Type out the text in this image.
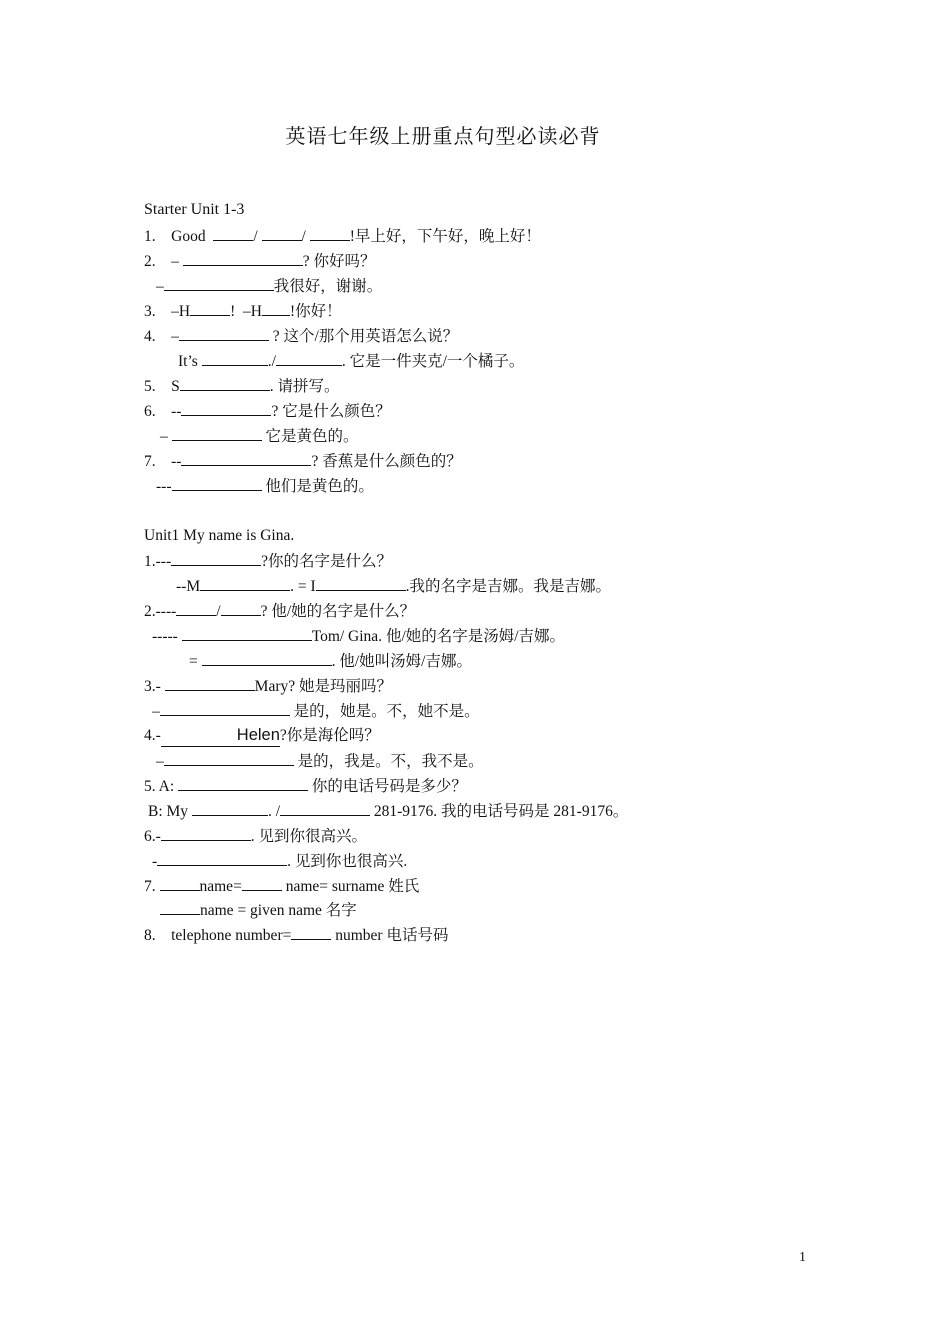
英语七年级上册重点句型必读必背
Starter Unit 1-3
1.    Good	/	/	!早上好，下午好，晚上好！
2.    –	? 你好吗？
–	我很好，谢谢。
3.    –H	!  –H !你好！
4.    –	? 这个/那个用英语怎么说？
It’s	./	. 它是一件夹克/一个橘子。
5.    S	. 请拼写。
6.    --	? 它是什么颜色？
–	它是黄色的。
7.    --	? 香蕉是什么颜色的？
---	他们是黄色的。
Unit1 My name is Gina.
1.---	?你的名字是什么？
--M	. = I	.我的名字是吉娜。我是吉娜。
2.----	/	? 他/她的名字是什么？
-----	Tom/ Gina. 他/她的名字是汤姆/吉娜。
=	. 他/她叫汤姆/吉娜。
3.-	Mary? 她是玛丽吗？
–	是的，她是。不，她不是。
4.-	Helen?你是海伦吗？
–	是的，我是。不，我不是。
5. A:	你的电话号码是多少？
B: My	. /	281-9176. 我的电话号码是 281-9176。
6.-	. 见到你很高兴。
-	. 见到你也很高兴.
7.	name=	name= surname 姓氏
name = given name 名字
8.    telephone number=	number 电话号码
1
